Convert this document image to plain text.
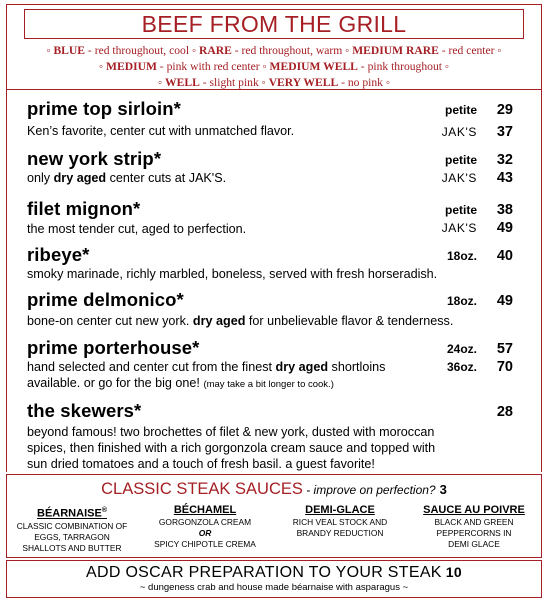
BEEF FROM THE GRILL
◦ BLUE - red throughout, cool ◦ RARE - red throughout, warm ◦ MEDIUM RARE - red center ◦
◦ MEDIUM - pink with red center ◦ MEDIUM WELL - pink throughout ◦
◦ WELL - slight pink ◦ VERY WELL - no pink ◦
prime top sirloin*
Ken’s favorite, center cut with unmatched flavor.
petite 29
JAK'S 37
new york strip*
only dry aged center cuts at JAK'S.
petite 32
JAK'S 43
filet mignon*
the most tender cut, aged to perfection.
petite 38
JAK'S 49
ribeye*
smoky marinade, richly marbled, boneless, served with fresh horseradish.
18oz. 40
prime delmonico*
bone-on center cut new york. dry aged for unbelievable flavor & tenderness.
18oz. 49
prime porterhouse*
hand selected and center cut from the finest dry aged shortloins
available. or go for the big one! (may take a bit longer to cook.)
24oz. 57
36oz. 70
the skewers*
beyond famous! two brochettes of filet & new york, dusted with moroccan
spices, then finished with a rich gorgonzola cream sauce and topped with
sun dried tomatoes and a touch of fresh basil. a guest favorite!
28
CLASSIC STEAK SAUCES - improve on perfection? 3
BÉARNAISE®
CLASSIC COMBINATION OF
EGGS, TARRAGON
SHALLOTS AND BUTTER
BÉCHAMEL
GORGONZOLA CREAM
OR
SPICY CHIPOTLE CREMA
DEMI-GLACE
RICH VEAL STOCK AND
BRANDY REDUCTION
SAUCE AU POIVRE
BLACK AND GREEN
PEPPERCORNS IN
DEMI GLACE
ADD OSCAR PREPARATION TO YOUR STEAK 10
~ dungeness crab and house made béarnaise with asparagus ~
